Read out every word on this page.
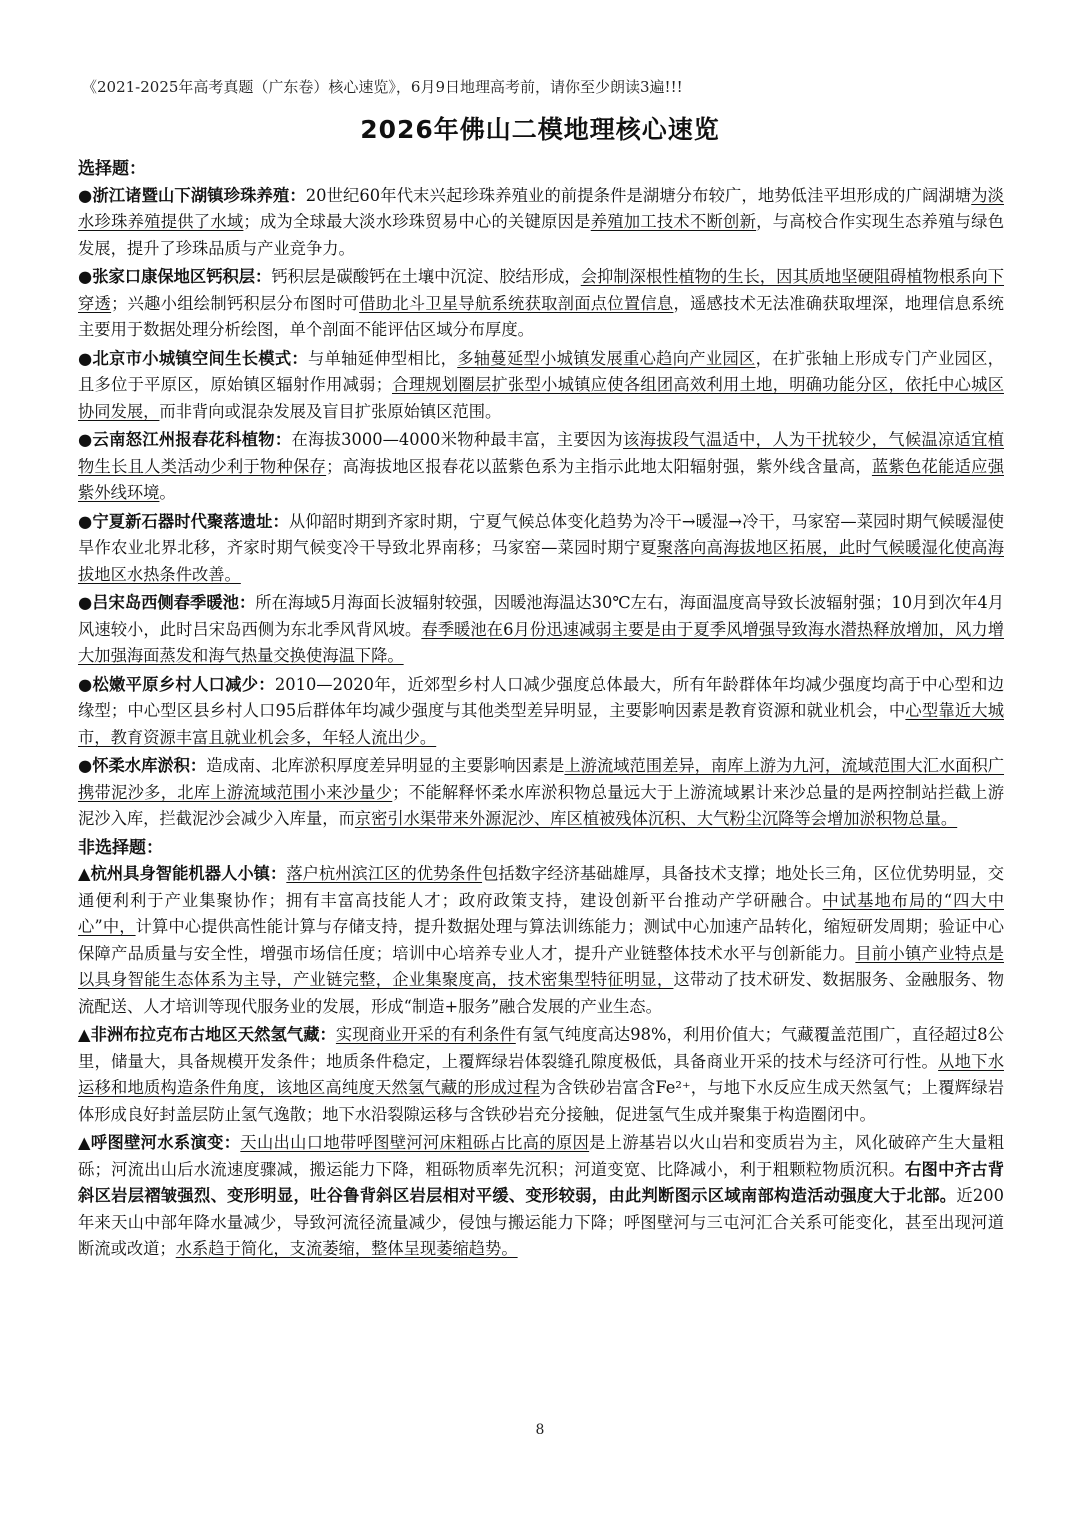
《2021-2025年高考真题（广东卷）核心速览》，6月9日地理高考前，请你至少朗读3遍!!!
2026年佛山二模地理核心速览
选择题：
●浙江诸暨山下湖镇珍珠养殖：20世纪60年代末兴起珍珠养殖业的前提条件是湖塘分布较广，地势低洼平坦形成的广阔湖塘为淡水珍珠养殖提供了水域；成为全球最大淡水珍珠贸易中心的关键原因是养殖加工技术不断创新，与高校合作实现生态养殖与绿色发展，提升了珍珠品质与产业竞争力。
●张家口康保地区钙积层：钙积层是碳酸钙在土壤中沉淀、胶结形成，会抑制深根性植物的生长，因其质地坚硬阻碍植物根系向下穿透；兴趣小组绘制钙积层分布图时可借助北斗卫星导航系统获取剖面点位置信息，遥感技术无法准确获取埋深，地理信息系统主要用于数据处理分析绘图，单个剖面不能评估区域分布厚度。
●北京市小城镇空间生长模式：与单轴延伸型相比，多轴蔓延型小城镇发展重心趋向产业园区，在扩张轴上形成专门产业园区，且多位于平原区，原始镇区辐射作用减弱；合理规划圈层扩张型小城镇应使各组团高效利用土地，明确功能分区，依托中心城区协同发展，而非背向或混杂发展及盲目扩张原始镇区范围。
●云南怒江州报春花科植物：在海拔3000—4000米物种最丰富，主要因为该海拔段气温适中，人为干扰较少，气候温凉适宜植物生长且人类活动少利于物种保存；高海拔地区报春花以蓝紫色系为主指示此地太阳辐射强，紫外线含量高，蓝紫色花能适应强紫外线环境。
●宁夏新石器时代聚落遗址：从仰韶时期到齐家时期，宁夏气候总体变化趋势为冷干→暖湿→冷干，马家窑—菜园时期气候暖湿使旱作农业北界北移，齐家时期气候变冷干导致北界南移；马家窑—菜园时期宁夏聚落向高海拔地区拓展，此时气候暖湿化使高海拔地区水热条件改善。
●吕宋岛西侧春季暖池：所在海域5月海面长波辐射较强，因暖池海温达30℃左右，海面温度高导致长波辐射强；10月到次年4月风速较小，此时吕宋岛西侧为东北季风背风坡。春季暖池在6月份迅速减弱主要是由于夏季风增强导致海水潜热释放增加，风力增大加强海面蒸发和海气热量交换使海温下降。
●松嫩平原乡村人口减少：2010—2020年，近郊型乡村人口减少强度总体最大，所有年龄群体年均减少强度均高于中心型和边缘型；中心型区县乡村人口95后群体年均减少强度与其他类型差异明显，主要影响因素是教育资源和就业机会，中心型靠近大城市，教育资源丰富且就业机会多，年轻人流出少。
●怀柔水库淤积：造成南、北库淤积厚度差异明显的主要影响因素是上游流域范围差异，南库上游为九河，流域范围大汇水面积广携带泥沙多，北库上游流域范围小来沙量少；不能解释怀柔水库淤积物总量远大于上游流域累计来沙总量的是两控制站拦截上游泥沙入库，拦截泥沙会减少入库量，而京密引水渠带来外源泥沙、库区植被残体沉积、大气粉尘沉降等会增加淤积物总量。
非选择题：
▲杭州具身智能机器人小镇：落户杭州滨江区的优势条件包括数字经济基础雄厚，具备技术支撑；地处长三角，区位优势明显，交通便利利于产业集聚协作；拥有丰富高技能人才；政府政策支持，建设创新平台推动产学研融合。中试基地布局的“四大中心”中，计算中心提供高性能计算与存储支持，提升数据处理与算法训练能力；测试中心加速产品转化，缩短研发周期；验证中心保障产品质量与安全性，增强市场信任度；培训中心培养专业人才，提升产业链整体技术水平与创新能力。目前小镇产业特点是以具身智能生态体系为主导，产业链完整，企业集聚度高，技术密集型特征明显，这带动了技术研发、数据服务、金融服务、物流配送、人才培训等现代服务业的发展，形成“制造+服务”融合发展的产业生态。
▲非洲布拉克布古地区天然氢气藏：实现商业开采的有利条件有氢气纯度高达98%，利用价值大；气藏覆盖范围广，直径超过8公里，储量大，具备规模开发条件；地质条件稳定，上覆辉绿岩体裂缝孔隙度极低，具备商业开采的技术与经济可行性。从地下水运移和地质构造条件角度，该地区高纯度天然氢气藏的形成过程为含铁砂岩富含Fe²⁺，与地下水反应生成天然氢气；上覆辉绿岩体形成良好封盖层防止氢气逸散；地下水沿裂隙运移与含铁砂岩充分接触，促进氢气生成并聚集于构造圈闭中。
▲呼图壁河水系演变：天山出山口地带呼图壁河河床粗砾占比高的原因是上游基岩以火山岩和变质岩为主，风化破碎产生大量粗砾；河流出山后水流速度骤减，搬运能力下降，粗砾物质率先沉积；河道变宽、比降减小，利于粗颗粒物质沉积。右图中齐古背斜区岩层褶皱强烈、变形明显，吐谷鲁背斜区岩层相对平缓、变形较弱，由此判断图示区域南部构造活动强度大于北部。近200年来天山中部年降水量减少，导致河流径流量减少，侵蚀与搬运能力下降；呼图壁河与三屯河汇合关系可能变化，甚至出现河道断流或改道；水系趋于简化，支流萎缩，整体呈现萎缩趋势。
8
